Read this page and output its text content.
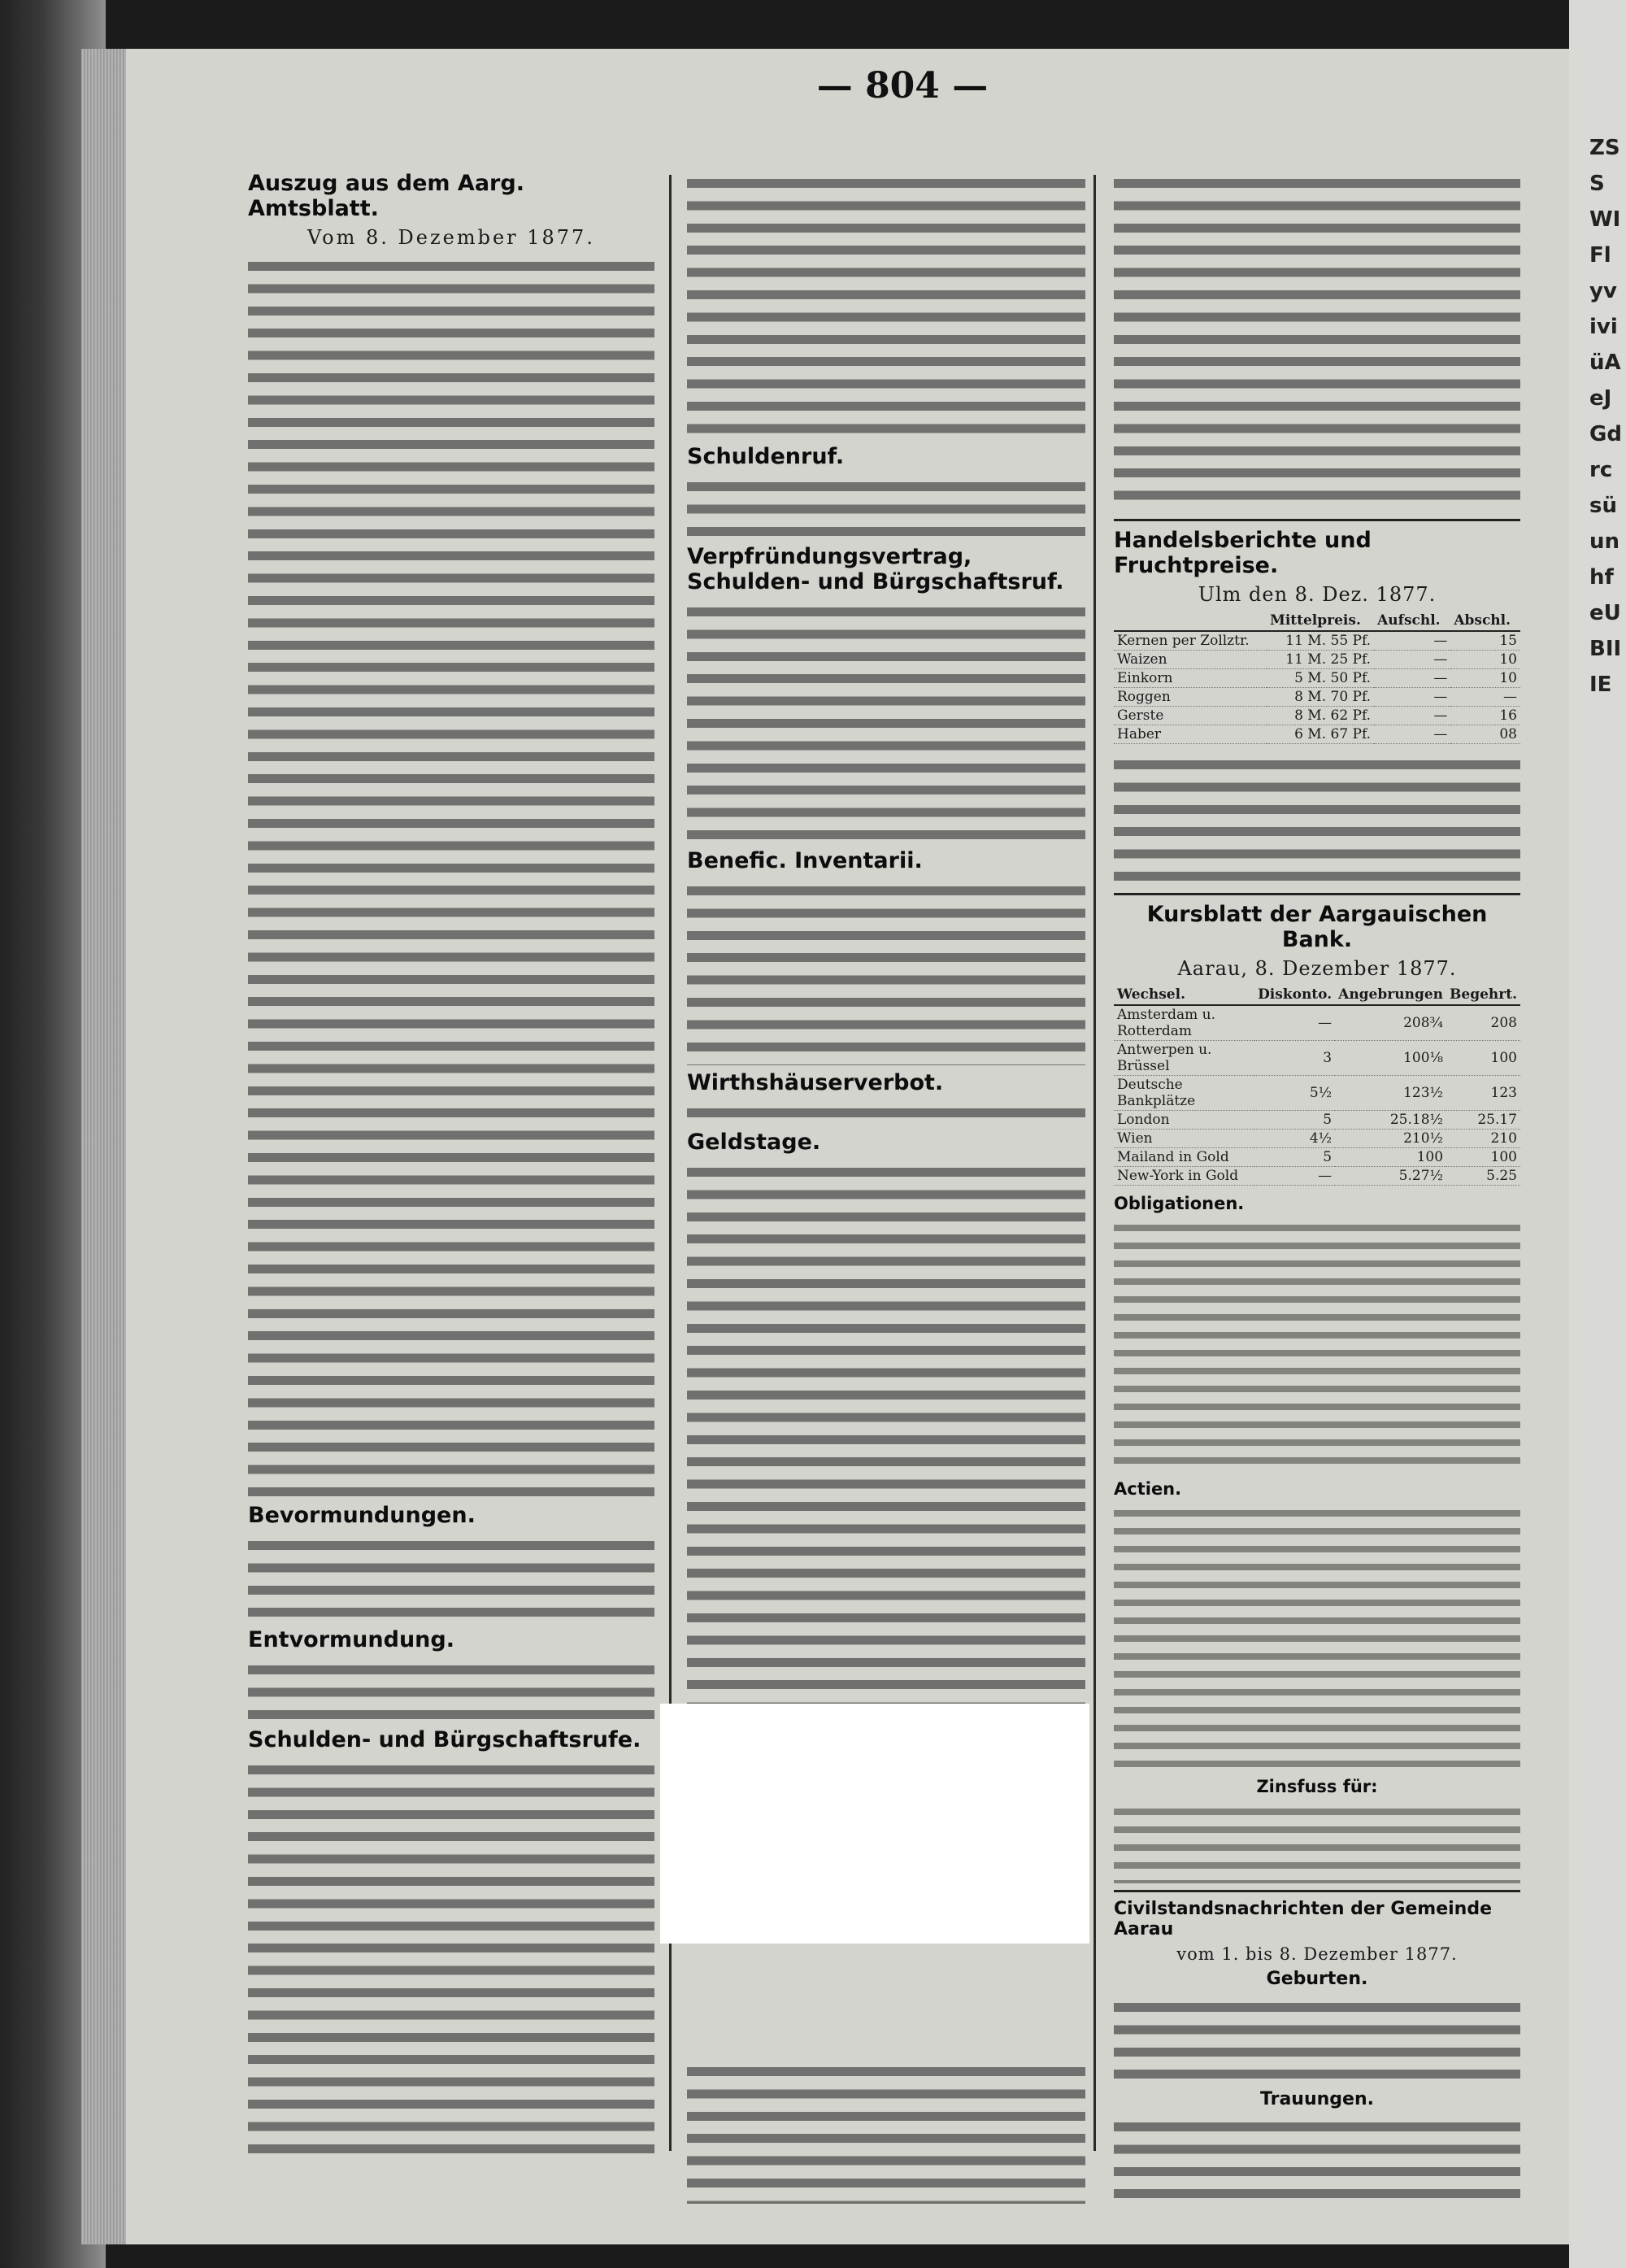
— 804 —
Auszug aus dem Aarg. Amtsblatt.
Vom 8. Dezember 1877.
Bevormundungen.
Entvormundung.
Schulden- und Bürgschaftsrufe.
Schuldenruf.
Verpfründungsvertrag, Schulden- und Bürgschaftsruf.
Benefic. Inventarii.
Wirthshäuserverbot.
Geldstage.
Handelsberichte und Fruchtpreise.
Ulm den 8. Dez. 1877.
	Mittelpreis.	Aufschl.	Abschl.
Kernen per Zollztr.	11 M. 55 Pf.	—	15
Waizen	11 M. 25 Pf.	—	10
Einkorn	5 M. 50 Pf.	—	10
Roggen	8 M. 70 Pf.	—	—
Gerste	8 M. 62 Pf.	—	16
Haber	6 M. 67 Pf.	—	08
Kursblatt der Aargauischen Bank.
Aarau, 8. Dezember 1877.
Wechsel.	Diskonto.	Angebrungen	Begehrt.
Amsterdam u. Rotterdam	—	208¾	208
Antwerpen u. Brüssel	3	100⅛	100
Deutsche Bankplätze	5½	123½	123
London	5	25.18½	25.17
Wien	4½	210½	210
Mailand in Gold	5	100	100
New-York in Gold	—	5.27½	5.25
Obligationen.
Actien.
Zinsfuss für:
Civilstandsnachrichten der Gemeinde Aarau
vom 1. bis 8. Dezember 1877.
Geburten.
Trauungen.
ZSSWIFlyviviüAeJGdrcsüunhfeUBIIIE
